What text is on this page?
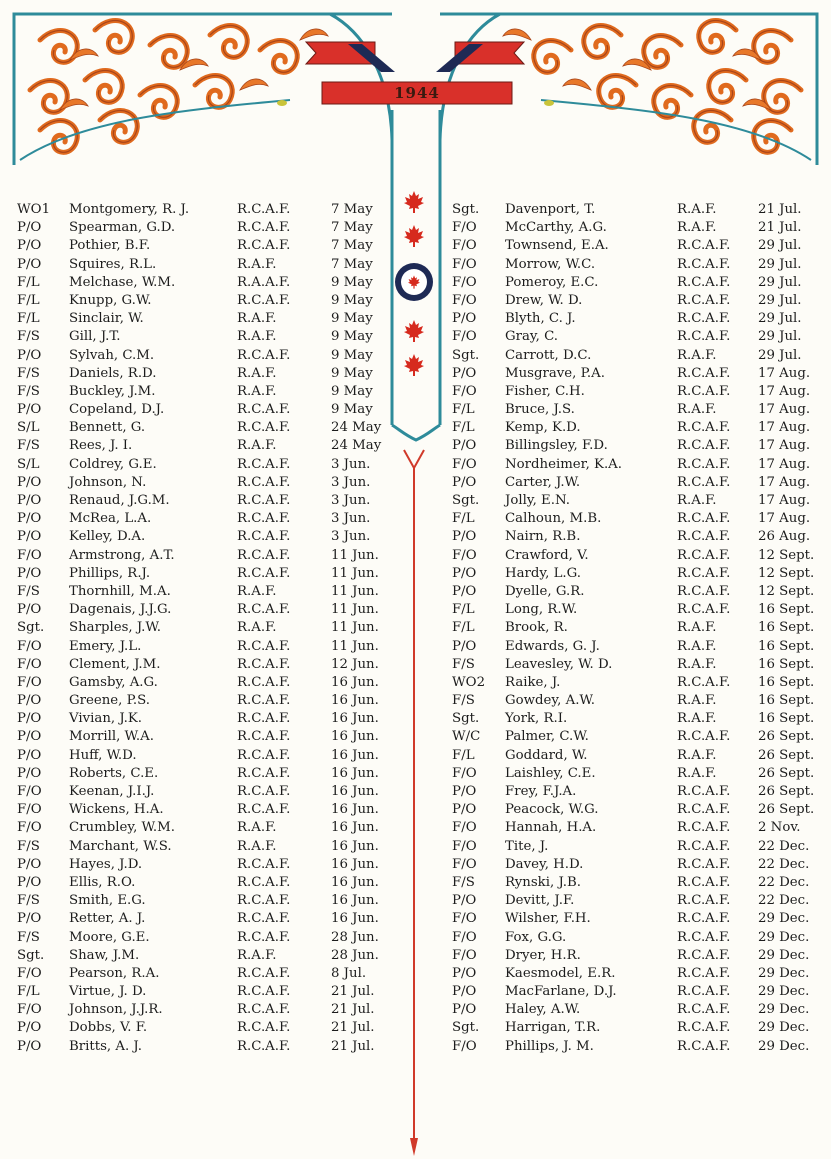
1944
WO1 Montgomery, R. J.	R.C.A.F.	7 May
P/O Spearman, G.D.	R.C.A.F.	7 May
P/O Pothier, B.F.	R.C.A.F.	7 May
P/O Squires, R.L.	R.A.F.	7 May
F/L Melchase, W.M.	R.A.A.F.	9 May
F/L Knupp, G.W.	R.C.A.F.	9 May
F/L Sinclair, W.	R.A.F.	9 May
F/S Gill, J.T.	R.A.F.	9 May
P/O Sylvah, C.M.	R.C.A.F.	9 May
F/S Daniels, R.D.	R.A.F.	9 May
F/S Buckley, J.M.	R.A.F.	9 May
P/O Copeland, D.J.	R.C.A.F.	9 May
S/L Bennett, G.	R.C.A.F.	24 May
F/S Rees, J. I.	R.A.F.	24 May
S/L Coldrey, G.E.	R.C.A.F.	3 Jun.
P/O Johnson, N.	R.C.A.F.	3 Jun.
P/O Renaud, J.G.M.	R.C.A.F.	3 Jun.
P/O McRea, L.A.	R.C.A.F.	3 Jun.
P/O Kelley, D.A.	R.C.A.F.	3 Jun.
F/O Armstrong, A.T.	R.C.A.F.	11 Jun.
P/O Phillips, R.J.	R.C.A.F.	11 Jun.
F/S Thornhill, M.A.	R.A.F.	11 Jun.
P/O Dagenais, J.J.G.	R.C.A.F.	11 Jun.
Sgt. Sharples, J.W.	R.A.F.	11 Jun.
F/O Emery, J.L.	R.C.A.F.	11 Jun.
F/O Clement, J.M.	R.C.A.F.	12 Jun.
F/O Gamsby, A.G.	R.C.A.F.	16 Jun.
P/O Greene, P.S.	R.C.A.F.	16 Jun.
P/O Vivian, J.K.	R.C.A.F.	16 Jun.
P/O Morrill, W.A.	R.C.A.F.	16 Jun.
P/O Huff, W.D.	R.C.A.F.	16 Jun.
P/O Roberts, C.E.	R.C.A.F.	16 Jun.
F/O Keenan, J.I.J.	R.C.A.F.	16 Jun.
F/O Wickens, H.A.	R.C.A.F.	16 Jun.
F/O Crumbley, W.M.	R.A.F.	16 Jun.
F/S Marchant, W.S.	R.A.F.	16 Jun.
P/O Hayes, J.D.	R.C.A.F.	16 Jun.
P/O Ellis, R.O.	R.C.A.F.	16 Jun.
F/S Smith, E.G.	R.C.A.F.	16 Jun.
P/O Retter, A. J.	R.C.A.F.	16 Jun.
F/S Moore, G.E.	R.C.A.F.	28 Jun.
Sgt. Shaw, J.M.	R.A.F.	28 Jun.
F/O Pearson, R.A.	R.C.A.F.	8 Jul.
F/L Virtue, J. D.	R.C.A.F.	21 Jul.
F/O Johnson, J.J.R.	R.C.A.F.	21 Jul.
P/O Dobbs, V. F.	R.C.A.F.	21 Jul.
P/O Britts, A. J.	R.C.A.F.	21 Jul.
Sgt. Davenport, T.	R.A.F.	21 Jul.
F/O McCarthy, A.G.	R.A.F.	21 Jul.
F/O Townsend, E.A.	R.C.A.F. 29 Jul.
F/O Morrow, W.C.	R.C.A.F. 29 Jul.
F/O Pomeroy, E.C.	R.C.A.F. 29 Jul.
F/O Drew, W. D.	R.C.A.F. 29 Jul.
P/O Blyth, C. J.	R.C.A.F. 29 Jul.
F/O Gray, C.	R.C.A.F. 29 Jul.
Sgt. Carrott, D.C.	R.A.F.	29 Jul.
P/O Musgrave, P.A.	R.C.A.F. 17 Aug.
F/O Fisher, C.H.	R.C.A.F. 17 Aug.
F/L Bruce, J.S.	R.A.F.	17 Aug.
F/L Kemp, K.D.	R.C.A.F. 17 Aug.
P/O Billingsley, F.D.	R.C.A.F. 17 Aug.
F/O Nordheimer, K.A.	R.C.A.F. 17 Aug.
P/O Carter, J.W.	R.C.A.F. 17 Aug.
Sgt. Jolly, E.N.	R.A.F.	17 Aug.
F/L Calhoun, M.B.	R.C.A.F. 17 Aug.
P/O Nairn, R.B.	R.C.A.F. 26 Aug.
F/O Crawford, V.	R.C.A.F. 12 Sept.
P/O Hardy, L.G.	R.C.A.F. 12 Sept.
P/O Dyelle, G.R.	R.C.A.F. 12 Sept.
F/L Long, R.W.	R.C.A.F. 16 Sept.
F/L Brook, R.	R.A.F.	16 Sept.
P/O Edwards, G. J.	R.A.F.	16 Sept.
F/S Leavesley, W. D.	R.A.F.	16 Sept.
WO2 Raike, J.	R.C.A.F. 16 Sept.
F/S Gowdey, A.W.	R.A.F.	16 Sept.
Sgt. York, R.I.	R.A.F.	16 Sept.
W/C Palmer, C.W.	R.C.A.F. 26 Sept.
F/L Goddard, W.	R.A.F.	26 Sept.
F/O Laishley, C.E.	R.A.F.	26 Sept.
P/O Frey, F.J.A.	R.C.A.F. 26 Sept.
P/O Peacock, W.G.	R.C.A.F. 26 Sept.
F/O Hannah, H.A.	R.C.A.F. 2 Nov.
F/O Tite, J.	R.C.A.F. 22 Dec.
F/O Davey, H.D.	R.C.A.F. 22 Dec.
F/S Rynski, J.B.	R.C.A.F. 22 Dec.
P/O Devitt, J.F.	R.C.A.F. 22 Dec.
F/O Wilsher, F.H.	R.C.A.F. 29 Dec.
F/O Fox, G.G.	R.C.A.F. 29 Dec.
F/O Dryer, H.R.	R.C.A.F. 29 Dec.
P/O Kaesmodel, E.R.	R.C.A.F. 29 Dec.
P/O MacFarlane, D.J.	R.C.A.F. 29 Dec.
P/O Haley, A.W.	R.C.A.F. 29 Dec.
Sgt. Harrigan, T.R.	R.C.A.F. 29 Dec.
F/O Phillips, J. M.	R.C.A.F. 29 Dec.
